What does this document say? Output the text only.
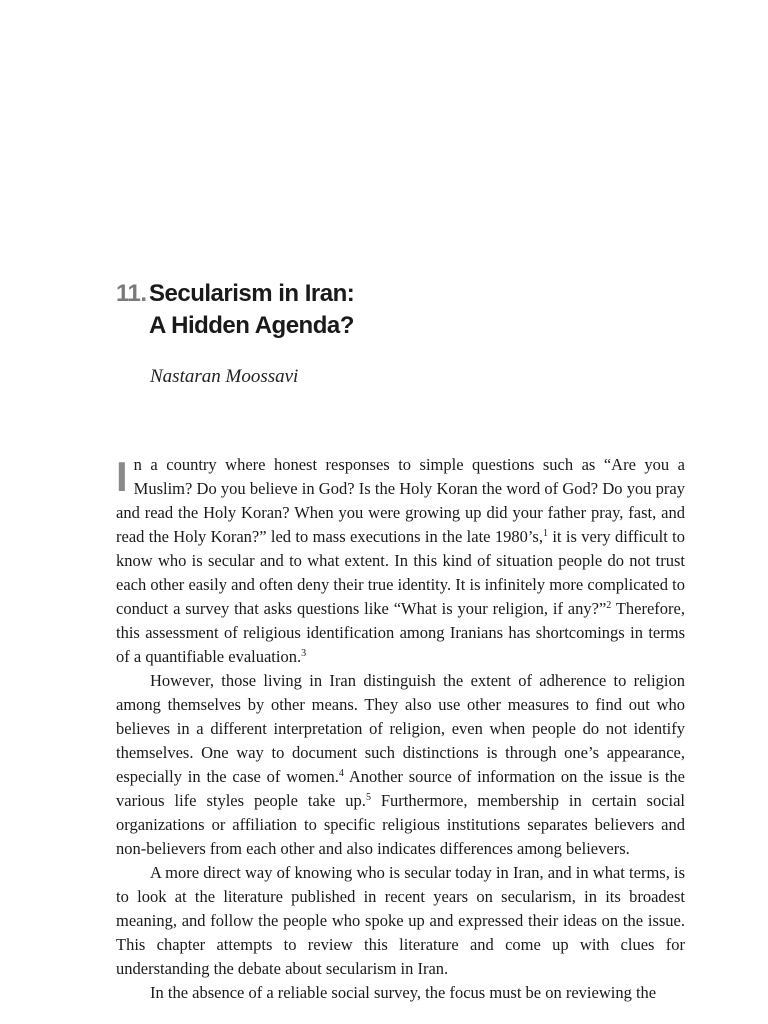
11. Secularism in Iran:
A Hidden Agenda?

Nastaran Moossavi

In a country where honest responses to simple questions such as “Are you a Muslim? Do you believe in God? Is the Holy Koran the word of God? Do you pray and read the Holy Koran? When you were growing up did your father pray, fast, and read the Holy Koran?” led to mass executions in the late 1980’s,$^1$ it is very difficult to know who is secular and to what extent. In this kind of situation people do not trust each other easily and often deny their true identity. It is infinitely more complicated to conduct a survey that asks questions like “What is your religion, if any?”$^2$ Therefore, this assessment of religious identification among Iranians has shortcomings in terms of a quantifiable evaluation.$^3$

However, those living in Iran distinguish the extent of adherence to religion among themselves by other means. They also use other measures to find out who believes in a different interpretation of religion, even when people do not identify themselves. One way to document such distinctions is through one’s appearance, especially in the case of women.$^4$ Another source of information on the issue is the various life styles people take up.$^5$ Furthermore, membership in certain social organizations or affiliation to specific religious institutions separates believers and non-believers from each other and also indicates differences among believers.

A more direct way of knowing who is secular today in Iran, and in what terms, is to look at the literature published in recent years on secularism, in its broadest meaning, and follow the people who spoke up and expressed their ideas on the issue. This chapter attempts to review this literature and come up with clues for understanding the debate about secularism in Iran.

In the absence of a reliable social survey, the focus must be on reviewing the
